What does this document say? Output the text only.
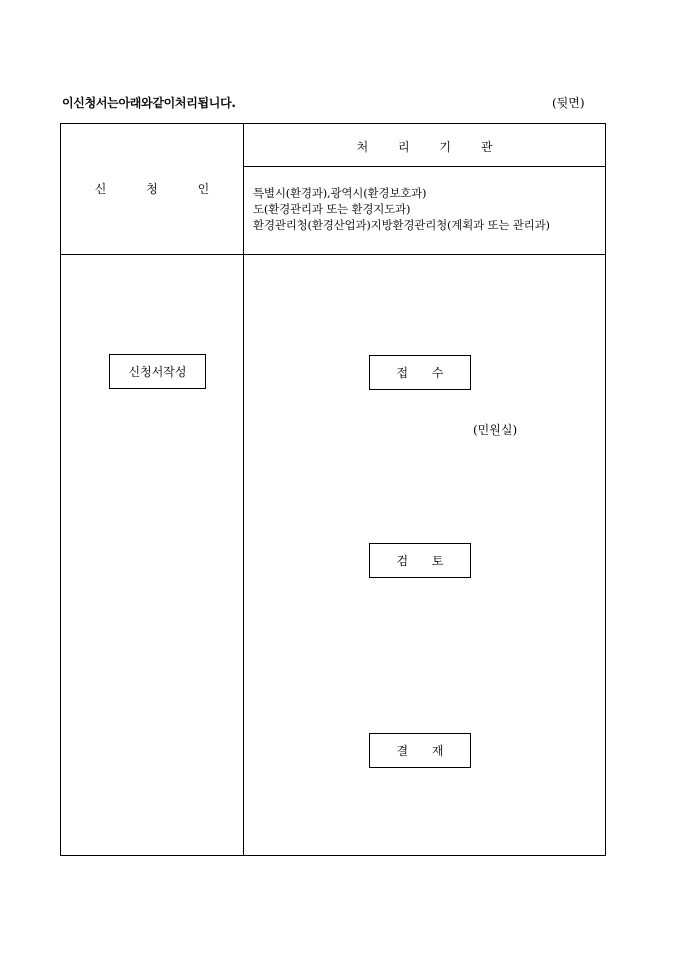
이신청서는아래와같이처리됩니다.	(뒷면)
신 청 인
처 리 기 관
특별시(환경과),광역시(환경보호과)
도(환경관리과 또는 환경지도과)
환경관리청(환경산업과)지방환경관리청(계획과 또는 관리과)
신청서작성	접 수
(민원실)
검 토
결 재
